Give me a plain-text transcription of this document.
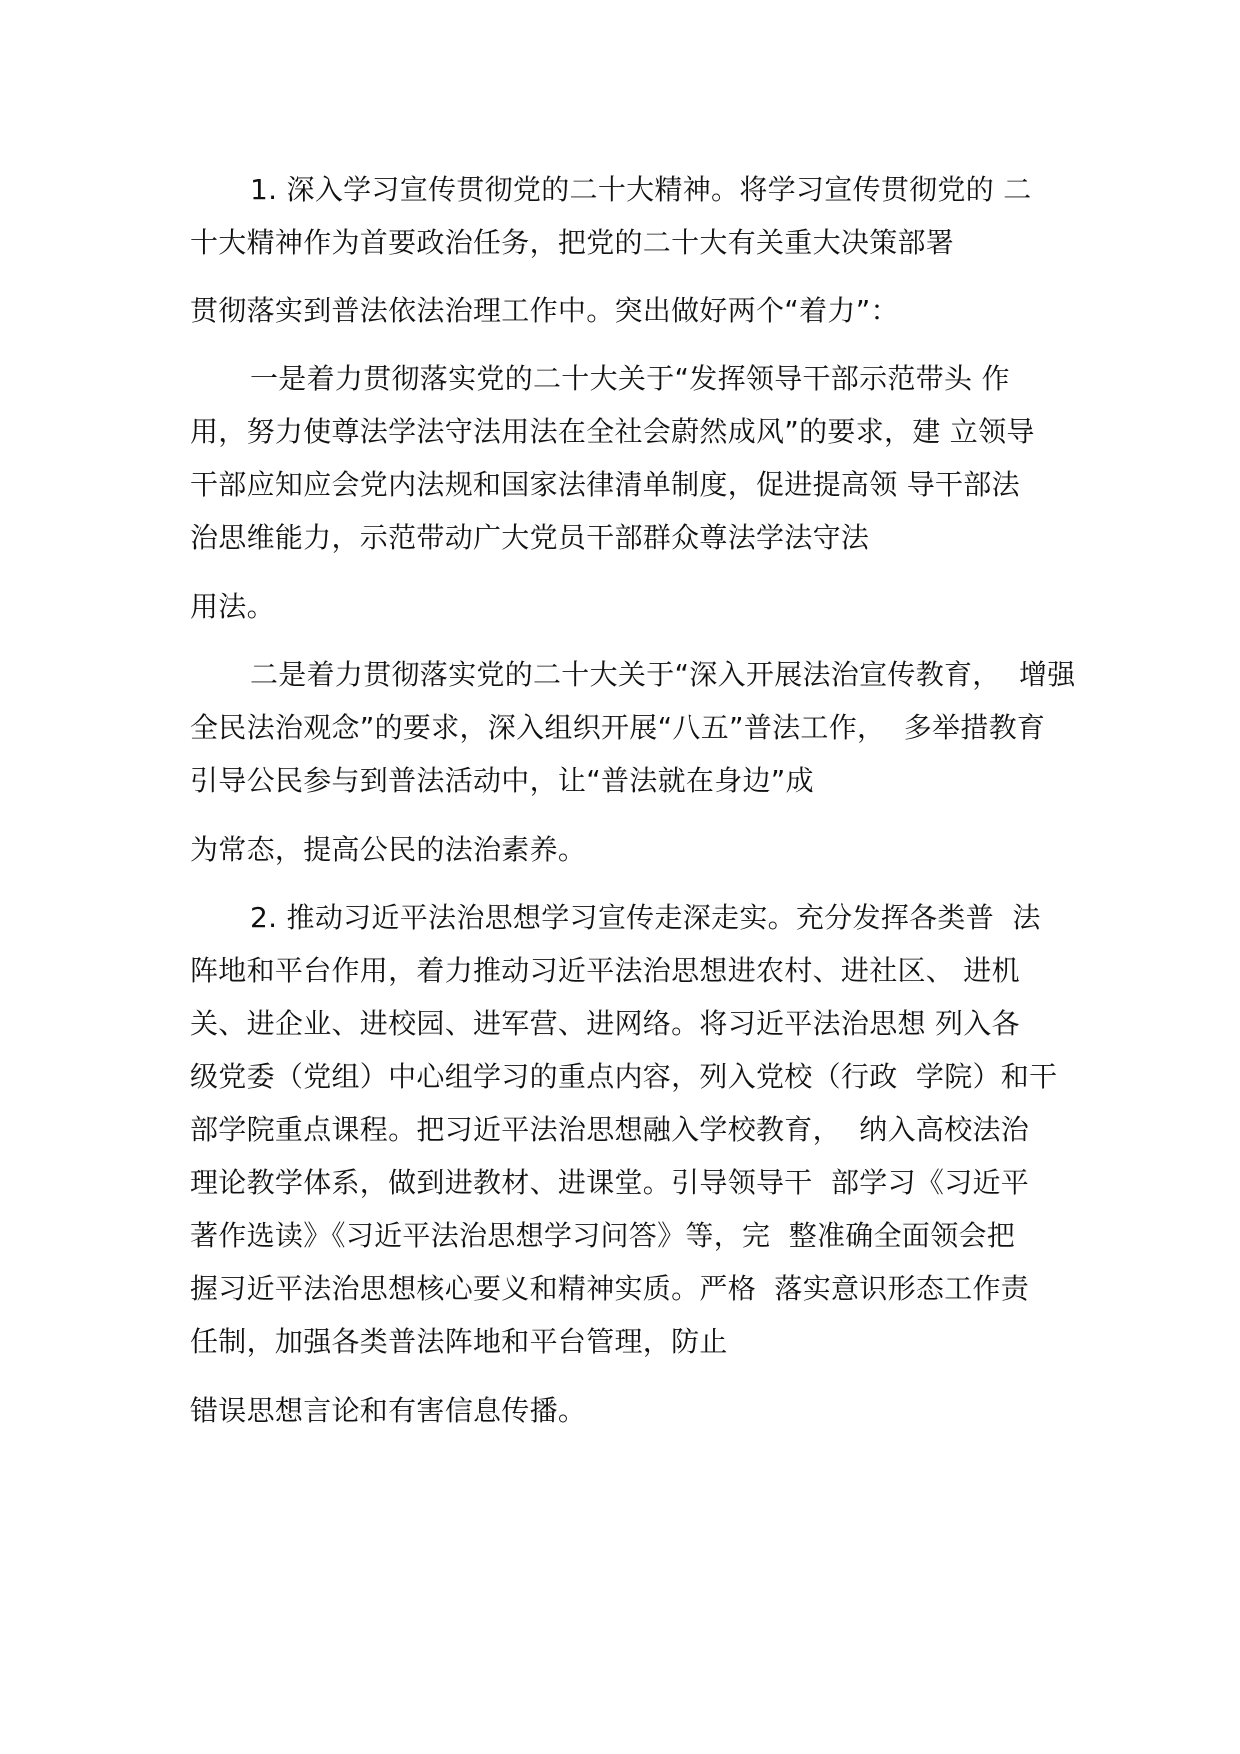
1. 深入学习宣传贯彻党的二十大精神。将学习宣传贯彻党的 二
十大精神作为首要政治任务，把党的二十大有关重大决策部署
贯彻落实到普法依法治理工作中。突出做好两个“着力”：
一是着力贯彻落实党的二十大关于“发挥领导干部示范带头 作
用，努力使尊法学法守法用法在全社会蔚然成风”的要求，建 立领导
干部应知应会党内法规和国家法律清单制度，促进提高领 导干部法
治思维能力，示范带动广大党员干部群众尊法学法守法
用法。
二是着力贯彻落实党的二十大关于“深入开展法治宣传教育，  增强
全民法治观念”的要求，深入组织开展“八五”普法工作，  多举措教育
引导公民参与到普法活动中，让“普法就在身边”成
为常态，提高公民的法治素养。
2. 推动习近平法治思想学习宣传走深走实。充分发挥各类普  法
阵地和平台作用，着力推动习近平法治思想进农村、进社区、 进机
关、进企业、进校园、进军营、进网络。将习近平法治思想 列入各
级党委（党组）中心组学习的重点内容，列入党校（行政  学院）和干
部学院重点课程。把习近平法治思想融入学校教育，  纳入高校法治
理论教学体系，做到进教材、进课堂。引导领导干  部学习《习近平
著作选读》《习近平法治思想学习问答》等，完  整准确全面领会把
握习近平法治思想核心要义和精神实质。严格  落实意识形态工作责
任制，加强各类普法阵地和平台管理，防止
错误思想言论和有害信息传播。
